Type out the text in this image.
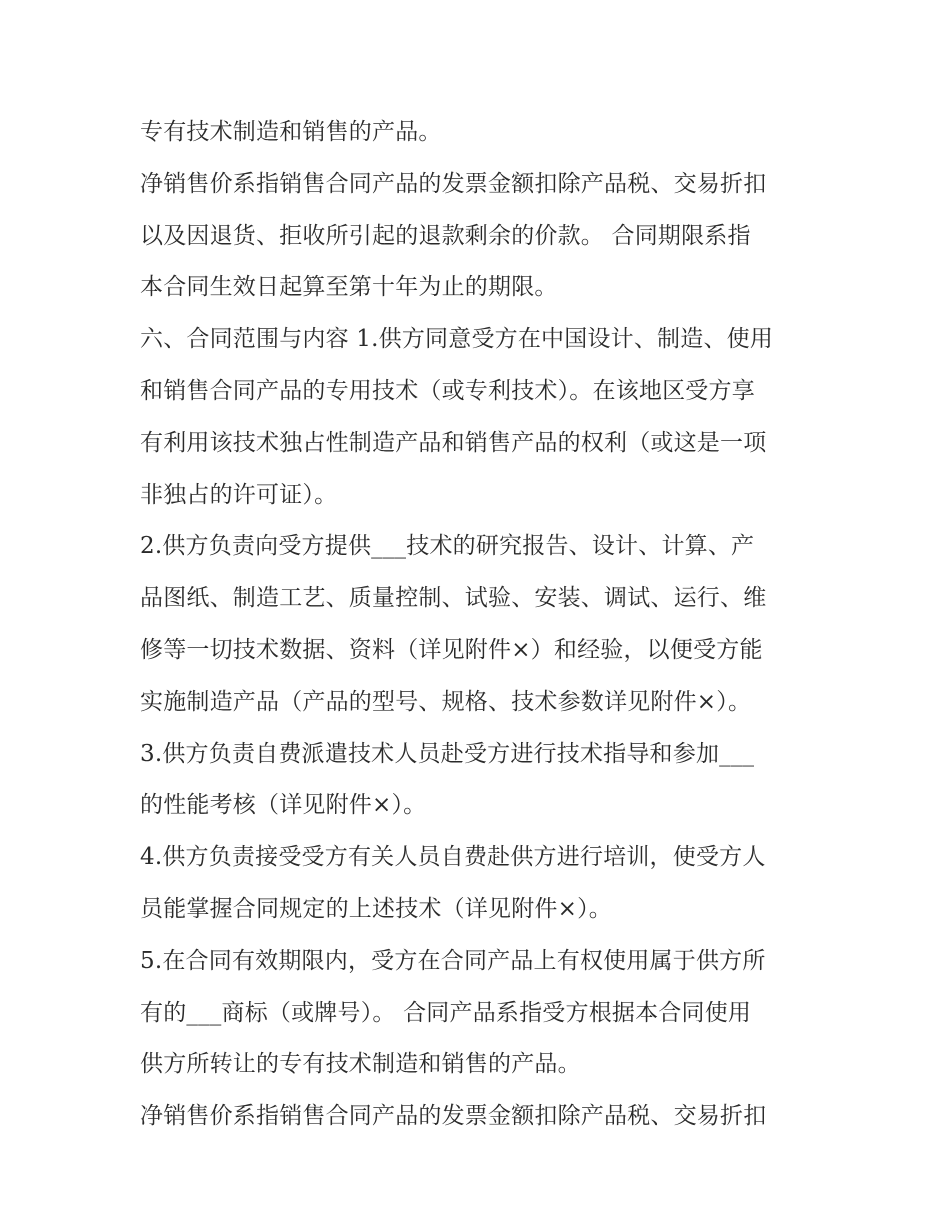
专有技术制造和销售的产品。
净销售价系指销售合同产品的发票金额扣除产品税、交易折扣
以及因退货、拒收所引起的退款剩余的价款。 合同期限系指
本合同生效日起算至第十年为止的期限。
六、合同范围与内容 1.供方同意受方在中国设计、制造、使用
和销售合同产品的专用技术（或专利技术）。在该地区受方享
有利用该技术独占性制造产品和销售产品的权利（或这是一项
非独占的许可证）。
2.供方负责向受方提供___技术的研究报告、设计、计算、产
品图纸、制造工艺、质量控制、试验、安装、调试、运行、维
修等一切技术数据、资料（详见附件×）和经验，以便受方能
实施制造产品（产品的型号、规格、技术参数详见附件×）。
3.供方负责自费派遣技术人员赴受方进行技术指导和参加___
的性能考核（详见附件×）。
4.供方负责接受受方有关人员自费赴供方进行培训，使受方人
员能掌握合同规定的上述技术（详见附件×）。
5.在合同有效期限内，受方在合同产品上有权使用属于供方所
有的___商标（或牌号）。 合同产品系指受方根据本合同使用
供方所转让的专有技术制造和销售的产品。
净销售价系指销售合同产品的发票金额扣除产品税、交易折扣
